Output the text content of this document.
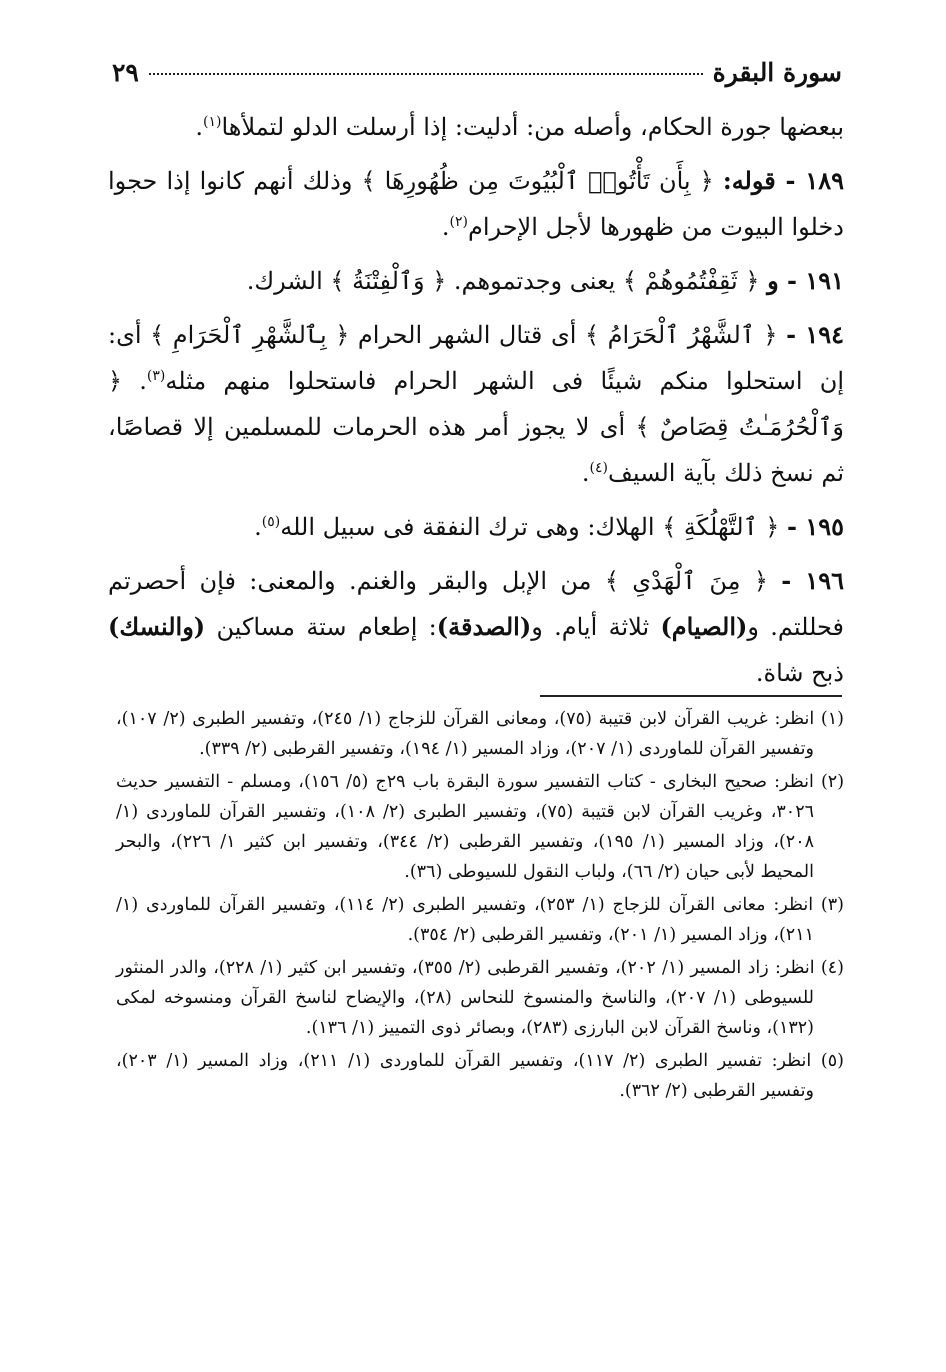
سورة البقرة
٢٩

ببعضها جورة الحكام، وأصله من: أدليت: إذا أرسلت الدلو لتملأها$^{(١)}$.

١٨٩ - قوله: ﴿ بِأَن تَأْتُوا۟ ٱلْبُيُوتَ مِن ظُهُورِهَا ﴾ وذلك أنهم كانوا إذا حجوا دخلوا البيوت من ظهورها لأجل الإحرام$^{(٢)}$.

١٩١ - و ﴿ ثَقِفْتُمُوهُمْ ﴾ يعنى وجدتموهم. ﴿ وَٱلْفِتْنَةُ ﴾ الشرك.

١٩٤ - ﴿ ٱلشَّهْرُ ٱلْحَرَامُ ﴾ أى قتال الشهر الحرام ﴿ بِٱلشَّهْرِ ٱلْحَرَامِ ﴾ أى: إن استحلوا منكم شيئًا فى الشهر الحرام فاستحلوا منهم مثله$^{(٣)}$. ﴿ وَٱلْحُرُمَـٰتُ قِصَاصٌ ﴾ أى لا يجوز أمر هذه الحرمات للمسلمين إلا قصاصًا، ثم نسخ ذلك بآية السيف$^{(٤)}$.

١٩٥ - ﴿ ٱلتَّهْلُكَةِ ﴾ الهلاك: وهى ترك النفقة فى سبيل الله$^{(٥)}$.

١٩٦ - ﴿ مِنَ ٱلْهَدْىِ ﴾ من الإبل والبقر والغنم. والمعنى: فإن أحصرتم فحللتم. و(الصيام) ثلاثة أيام. و(الصدقة): إطعام ستة مساكين (والنسك) ذبح شاة.

(١) انظر: غريب القرآن لابن قتيبة (٧٥)، ومعانى القرآن للزجاج (١/ ٢٤٥)، وتفسير الطبرى (٢/ ١٠٧)، وتفسير القرآن للماوردى (١/ ٢٠٧)، وزاد المسير (١/ ١٩٤)، وتفسير القرطبى (٢/ ٣٣٩).

(٢) انظر: صحيح البخارى - كتاب التفسير سورة البقرة باب ٢٩ج (٥/ ١٥٦)، ومسلم - التفسير حديث ٣٠٢٦، وغريب القرآن لابن قتيبة (٧٥)، وتفسير الطبرى (٢/ ١٠٨)، وتفسير القرآن للماوردى (١/ ٢٠٨)، وزاد المسير (١/ ١٩٥)، وتفسير القرطبى (٢/ ٣٤٤)، وتفسير ابن كثير ١/ ٢٢٦)، والبحر المحيط لأبى حيان (٢/ ٦٦)، ولباب النقول للسيوطى (٣٦).

(٣) انظر: معانى القرآن للزجاج (١/ ٢٥٣)، وتفسير الطبرى (٢/ ١١٤)، وتفسير القرآن للماوردى (١/ ٢١١)، وزاد المسير (١/ ٢٠١)، وتفسير القرطبى (٢/ ٣٥٤).

(٤) انظر: زاد المسير (١/ ٢٠٢)، وتفسير القرطبى (٢/ ٣٥٥)، وتفسير ابن كثير (١/ ٢٢٨)، والدر المنثور للسيوطى (١/ ٢٠٧)، والناسخ والمنسوخ للنحاس (٢٨)، والإيضاح لناسخ القرآن ومنسوخه لمكى (١٣٢)، وناسخ القرآن لابن البارزى (٢٨٣)، وبصائر ذوى التمييز (١/ ١٣٦).

(٥) انظر: تفسير الطبرى (٢/ ١١٧)، وتفسير القرآن للماوردى (١/ ٢١١)، وزاد المسير (١/ ٢٠٣)، وتفسير القرطبى (٢/ ٣٦٢).
